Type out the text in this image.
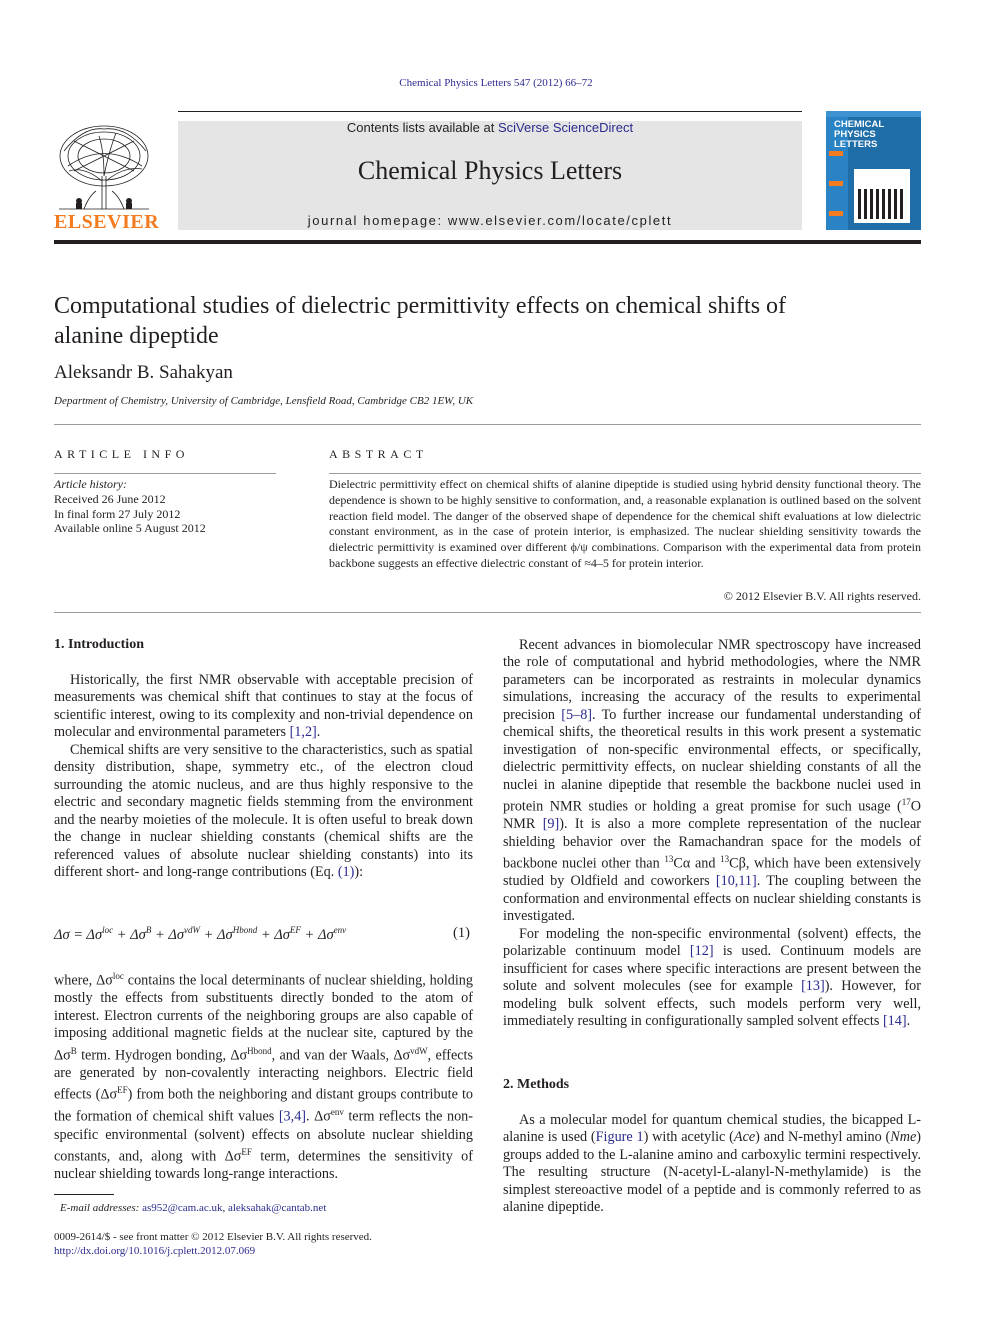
Chemical Physics Letters 547 (2012) 66–72
ELSEVIER
Contents lists available at SciVerse ScienceDirect
Chemical Physics Letters
journal homepage: www.elsevier.com/locate/cplett
CHEMICAL
PHYSICS
LETTERS
Computational studies of dielectric permittivity effects on chemical shifts of
alanine dipeptide
Aleksandr B. Sahakyan
Department of Chemistry, University of Cambridge, Lensfield Road, Cambridge CB2 1EW, UK
ARTICLE INFO
Article history:
Received 26 June 2012
In final form 27 July 2012
Available online 5 August 2012
ABSTRACT
Dielectric permittivity effect on chemical shifts of alanine dipeptide is studied using hybrid density functional theory. The dependence is shown to be highly sensitive to conformation, and, a reasonable explanation is outlined based on the solvent reaction field model. The danger of the observed shape of dependence for the chemical shift evaluations at low dielectric constant environment, as in the case of protein interior, is emphasized. The nuclear shielding sensitivity towards the dielectric permittivity is examined over different ϕ/ψ combinations. Comparison with the experimental data from protein backbone suggests an effective dielectric constant of ≈4–5 for protein interior.
© 2012 Elsevier B.V. All rights reserved.
1. Introduction

Historically, the first NMR observable with acceptable precision of measurements was chemical shift that continues to stay at the focus of scientific interest, owing to its complexity and non-trivial dependence on molecular and environmental parameters [1,2].

Chemical shifts are very sensitive to the characteristics, such as spatial density distribution, shape, symmetry etc., of the electron cloud surrounding the atomic nucleus, and are thus highly responsive to the electric and secondary magnetic fields stemming from the environment and the nearby moieties of the molecule. It is often useful to break down the change in nuclear shielding constants (chemical shifts are the referenced values of absolute nuclear shielding constants) into its different short- and long-range contributions (Eq. (1)):

$\Delta\sigma = \Delta\sigma^{loc} + \Delta\sigma^B + \Delta\sigma^{vdW} + \Delta\sigma^{Hbond} + \Delta\sigma^{EF} + \Delta\sigma^{env}$	(1)

where, $\Delta\sigma^{loc}$ contains the local determinants of nuclear shielding, holding mostly the effects from substituents directly bonded to the atom of interest. Electron currents of the neighboring groups are also capable of imposing additional magnetic fields at the nuclear site, captured by the $\Delta\sigma^B$ term. Hydrogen bonding, $\Delta\sigma^{Hbond}$, and van der Waals, $\Delta\sigma^{vdW}$, effects are generated by non-covalently interacting neighbors. Electric field effects $(\Delta\sigma^{EF})$ from both the neighboring and distant groups contribute to the formation of chemical shift values [3,4]. $\Delta\sigma^{env}$ term reflects the non-specific environmental (solvent) effects on absolute nuclear shielding constants, and, along with $\Delta\sigma^{EF}$ term, determines the sensitivity of nuclear shielding towards long-range interactions.

E-mail addresses: as952@cam.ac.uk, aleksahak@cantab.net
0009-2614/$ - see front matter © 2012 Elsevier B.V. All rights reserved.
http://dx.doi.org/10.1016/j.cplett.2012.07.069

Recent advances in biomolecular NMR spectroscopy have increased the role of computational and hybrid methodologies, where the NMR parameters can be incorporated as restraints in molecular dynamics simulations, increasing the accuracy of the results to experimental precision [5–8]. To further increase our fundamental understanding of chemical shifts, the theoretical results in this work present a systematic investigation of non-specific environmental effects, or specifically, dielectric permittivity effects, on nuclear shielding constants of all the nuclei in alanine dipeptide that resemble the backbone nuclei used in protein NMR studies or holding a great promise for such usage ($^{17}$O NMR [9]). It is also a more complete representation of the nuclear shielding behavior over the Ramachandran space for the models of backbone nuclei other than $^{13}$Cα and $^{13}$Cβ, which have been extensively studied by Oldfield and coworkers [10,11]. The coupling between the conformation and environmental effects on nuclear shielding constants is investigated.

For modeling the non-specific environmental (solvent) effects, the polarizable continuum model [12] is used. Continuum models are insufficient for cases where specific interactions are present between the solute and solvent molecules (see for example [13]). However, for modeling bulk solvent effects, such models perform very well, immediately resulting in configurationally sampled solvent effects [14].

2. Methods

As a molecular model for quantum chemical studies, the bicapped L-alanine is used (Figure 1) with acetylic (Ace) and N-methyl amino (Nme) groups added to the L-alanine amino and carboxylic termini respectively. The resulting structure (N-acetyl-L-alanyl-N-methylamide) is the simplest stereoactive model of a peptide and is commonly referred to as alanine dipeptide.
